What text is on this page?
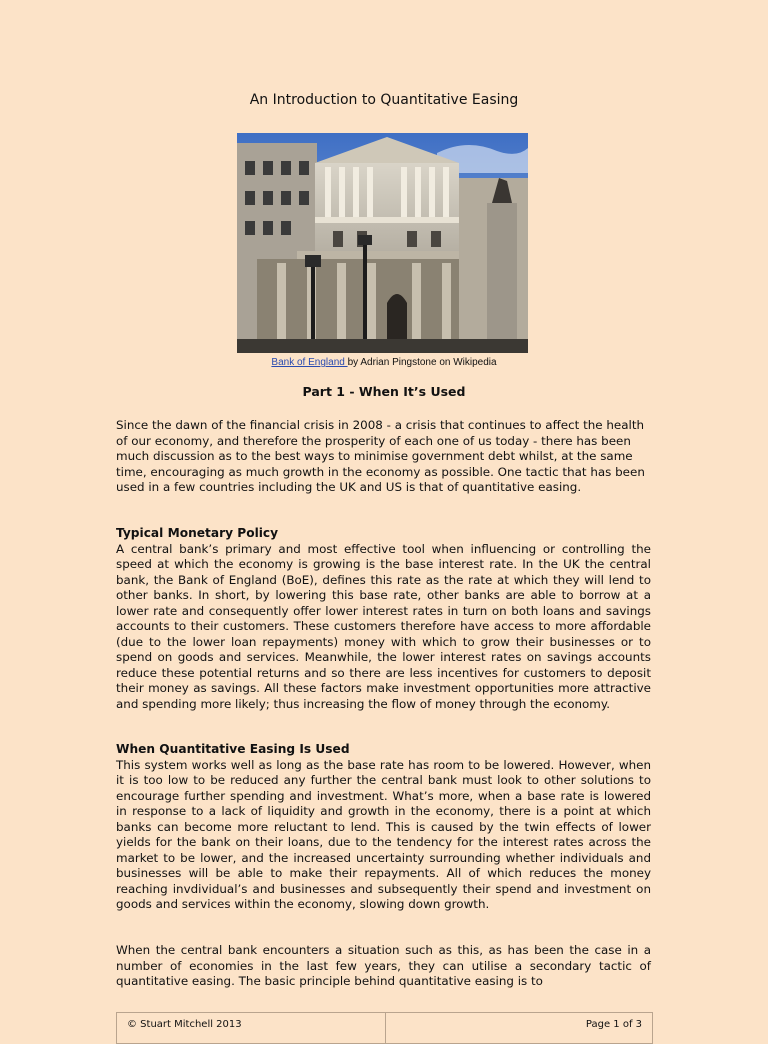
An Introduction to Quantitative Easing
Bank of England by Adrian Pingstone on Wikipedia
Part 1 - When It’s Used

Since the dawn of the financial crisis in 2008 - a crisis that continues to affect the health of our economy, and therefore the prosperity of each one of us today - there has been much discussion as to the best ways to minimise government debt whilst, at the same time, encouraging as much growth in the economy as possible. One tactic that has been used in a few countries including the UK and US is that of quantitative easing.

Typical Monetary Policy

A central bank’s primary and most effective tool when influencing or controlling the speed at which the economy is growing is the base interest rate. In the UK the central bank, the Bank of England (BoE), defines this rate as the rate at which they will lend to other banks. In short, by lowering this base rate, other banks are able to borrow at a lower rate and consequently offer lower interest rates in turn on both loans and savings accounts to their customers. These customers therefore have access to more affordable (due to the lower loan repayments) money with which to grow their businesses or to spend on goods and services. Meanwhile, the lower interest rates on savings accounts reduce these potential returns and so there are less incentives for customers to deposit their money as savings. All these factors make investment opportunities more attractive and spending more likely; thus increasing the flow of money through the economy.

When Quantitative Easing Is Used

This system works well as long as the base rate has room to be lowered. However, when it is too low to be reduced any further the central bank must look to other solutions to encourage further spending and investment. What’s more, when a base rate is lowered in response to a lack of liquidity and growth in the economy, there is a point at which banks can become more reluctant to lend. This is caused by the twin effects of lower yields for the bank on their loans, due to the tendency for the interest rates across the market to be lower, and the increased uncertainty surrounding whether individuals and businesses will be able to make their repayments. All of which reduces the money reaching invdividual’s and businesses and subsequently their spend and investment on goods and services within the economy, slowing down growth.

When the central bank encounters a situation such as this, as has been the case in a number of economies in the last few years, they can utilise a secondary tactic of quantitative easing. The basic principle behind quantitative easing is to

© Stuart Mitchell 2013	Page 1 of 3
